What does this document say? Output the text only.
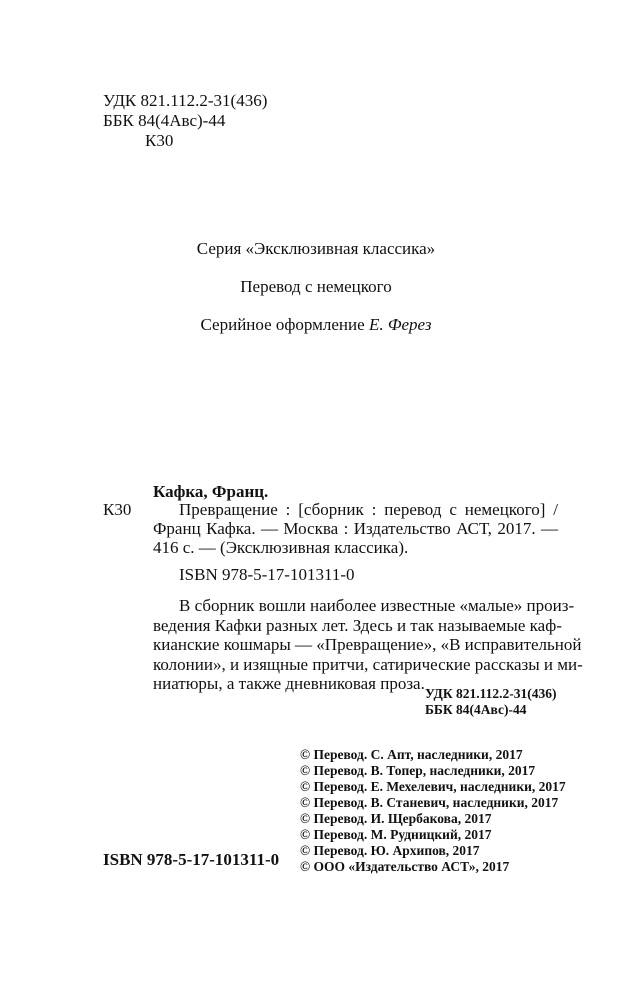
УДК 821.112.2-31(436)
ББК 84(4Авс)-44
К30
Серия «Эксклюзивная классика»
Перевод с немецкого
Серийное оформление Е. Ферез
Кафка, Франц.
К30	Превращение : [сборник : перевод с немецкого] /
Франц Кафка. — Москва : Издательство АСТ, 2017. —
416 с. — (Эксклюзивная классика).
ISBN 978-5-17-101311-0
В сборник вошли наиболее известные «малые» произ-
ведения Кафки разных лет. Здесь и так называемые каф-
кианские кошмары — «Превращение», «В исправительной
колонии», и изящные притчи, сатирические рассказы и ми-
ниатюры, а также дневниковая проза.
УДК 821.112.2-31(436)
ББК 84(4Авс)-44
© Перевод. С. Апт, наследники, 2017
© Перевод. В. Топер, наследники, 2017
© Перевод. Е. Мехелевич, наследники, 2017
© Перевод. В. Станевич, наследники, 2017
© Перевод. И. Щербакова, 2017
© Перевод. М. Рудницкий, 2017
© Перевод. Ю. Архипов, 2017
© ООО «Издательство АСТ», 2017
ISBN 978-5-17-101311-0
